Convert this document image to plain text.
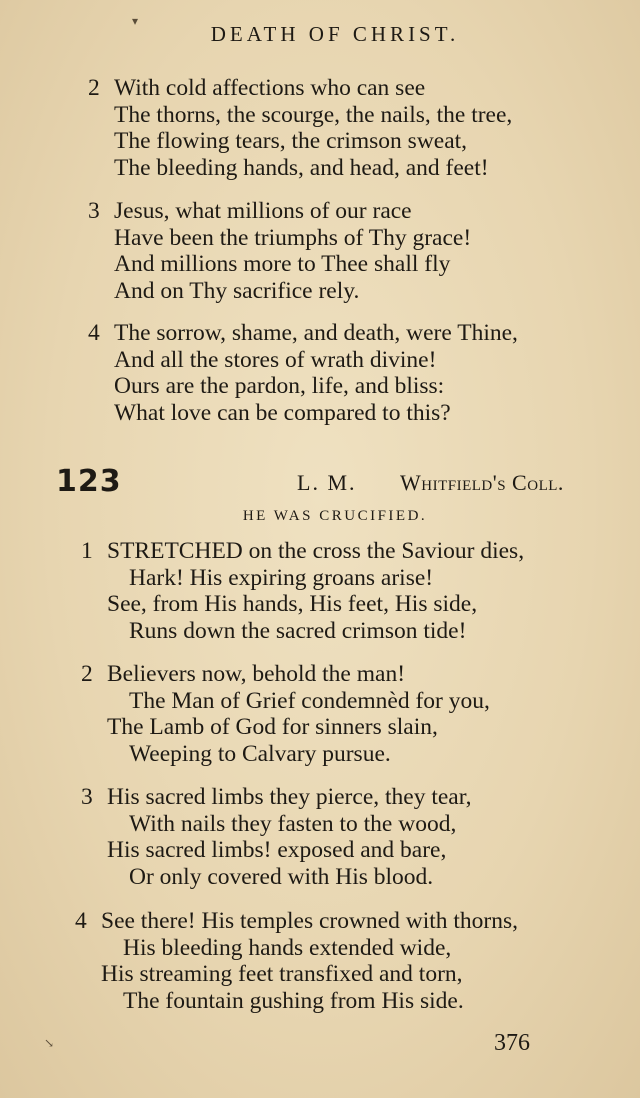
▾
↘
DEATH OF CHRIST.
2 With cold affections who can see
The thorns, the scourge, the nails, the tree,
The flowing tears, the crimson sweat,
The bleeding hands, and head, and feet!
3 Jesus, what millions of our race
Have been the triumphs of Thy grace!
And millions more to Thee shall fly
And on Thy sacrifice rely.
4 The sorrow, shame, and death, were Thine,
And all the stores of wrath divine!
Ours are the pardon, life, and bliss:
What love can be compared to this?
123	L. M. Whitfield's Coll.
HE WAS CRUCIFIED.
1 STRETCHED on the cross the Saviour dies,
Hark! His expiring groans arise!
See, from His hands, His feet, His side,
Runs down the sacred crimson tide!
2 Believers now, behold the man!
The Man of Grief condemnèd for you,
The Lamb of God for sinners slain,
Weeping to Calvary pursue.
3 His sacred limbs they pierce, they tear,
With nails they fasten to the wood,
His sacred limbs! exposed and bare,
Or only covered with His blood.
4 See there! His temples crowned with thorns,
His bleeding hands extended wide,
His streaming feet transfixed and torn,
The fountain gushing from His side.
376
